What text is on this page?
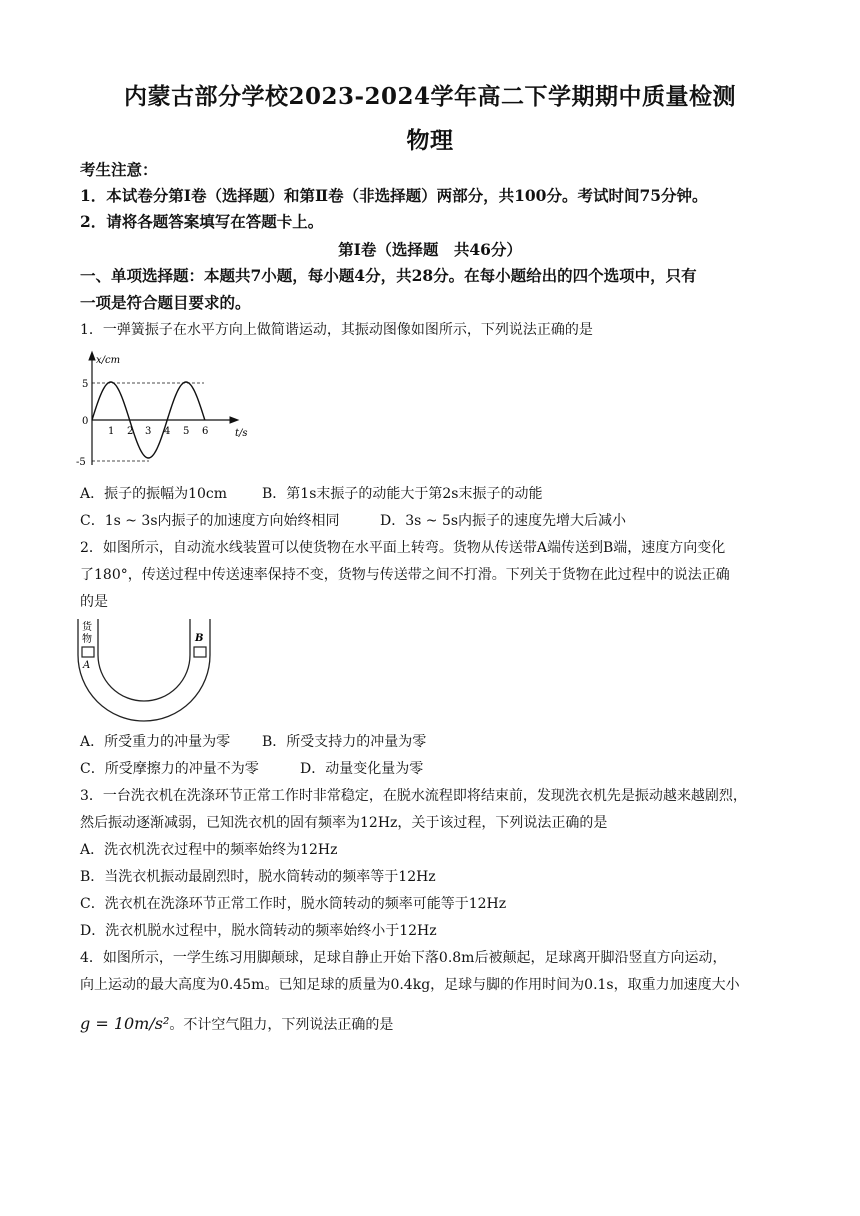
内蒙古部分学校2023-2024学年高二下学期期中质量检测
物理
考生注意：
1．本试卷分第Ⅰ卷（选择题）和第Ⅱ卷（非选择题）两部分，共100分。考试时间75分钟。
2．请将各题答案填写在答题卡上。
第Ⅰ卷（选择题　共46分）
一、单项选择题：本题共7小题，每小题4分，共28分。在每小题给出的四个选项中，只有
一项是符合题目要求的。
1．一弹簧振子在水平方向上做简谐运动，其振动图像如图所示，下列说法正确的是
x/cm
t/s
5
0
-5
1 2 3 4 5 6
A．振子的振幅为10cm B．第1s末振子的动能大于第2s末振子的动能
C．1s ~ 3s内振子的加速度方向始终相同	D．3s ~ 5s内振子的速度先增大后减小
2．如图所示，自动流水线装置可以使货物在水平面上转弯。货物从传送带A端传送到B端，速度方向变化
了180°，传送过程中传送速率保持不变，货物与传送带之间不打滑。下列关于货物在此过程中的说法正确
的是
货
物
A
B
A．所受重力的冲量为零 B．所受支持力的冲量为零
C．所受摩擦力的冲量不为零	D．动量变化量为零
3．一台洗衣机在洗涤环节正常工作时非常稳定，在脱水流程即将结束前，发现洗衣机先是振动越来越剧烈，
然后振动逐渐减弱，已知洗衣机的固有频率为12Hz，关于该过程，下列说法正确的是
A．洗衣机洗衣过程中的频率始终为12Hz
B．当洗衣机振动最剧烈时，脱水筒转动的频率等于12Hz
C．洗衣机在洗涤环节正常工作时，脱水筒转动的频率可能等于12Hz
D．洗衣机脱水过程中，脱水筒转动的频率始终小于12Hz
4．如图所示，一学生练习用脚颠球，足球自静止开始下落0.8m后被颠起，足球离开脚沿竖直方向运动，
向上运动的最大高度为0.45m。已知足球的质量为0.4kg，足球与脚的作用时间为0.1s，取重力加速度大小
g = 10m/s²。不计空气阻力，下列说法正确的是
